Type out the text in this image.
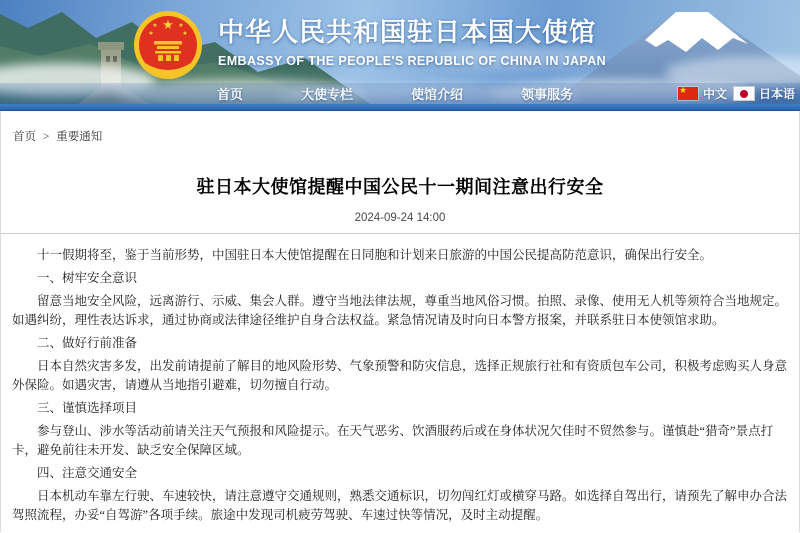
★
★	★
★	★ 中华人民共和国驻日本国大使馆
EMBASSY OF THE PEOPLE'S REPUBLIC OF CHINA IN JAPAN
首页	大使专栏	使馆介绍	领事服务 ★	中文	日本语
首页 > 重要通知
驻日本大使馆提醒中国公民十一期间注意出行安全
2024-09-24 14:00

十一假期将至，鉴于当前形势，中国驻日本大使馆提醒在日同胞和计划来日旅游的中国公民提高防范意识，确保出行安全。

一、树牢安全意识

留意当地安全风险，远离游行、示威、集会人群。遵守当地法律法规，尊重当地风俗习惯。拍照、录像、使用无人机等须符合当地规定。如遇纠纷，理性表达诉求，通过协商或法律途径维护自身合法权益。紧急情况请及时向日本警方报案，并联系驻日本使领馆求助。

二、做好行前准备

日本自然灾害多发，出发前请提前了解目的地风险形势、气象预警和防灾信息，选择正规旅行社和有资质包车公司，积极考虑购买人身意外保险。如遇灾害，请遵从当地指引避难，切勿擅自行动。

三、谨慎选择项目

参与登山、涉水等活动前请关注天气预报和风险提示。在天气恶劣、饮酒服药后或在身体状况欠佳时不贸然参与。谨慎赴“猎奇”景点打卡，避免前往未开发、缺乏安全保障区域。

四、注意交通安全

日本机动车靠左行驶、车速较快，请注意遵守交通规则，熟悉交通标识，切勿闯红灯或横穿马路。如选择自驾出行，请预先了解申办合法驾照流程，办妥“自驾游”各项手续。旅途中发现司机疲劳驾驶、车速过快等情况，及时主动提醒。
